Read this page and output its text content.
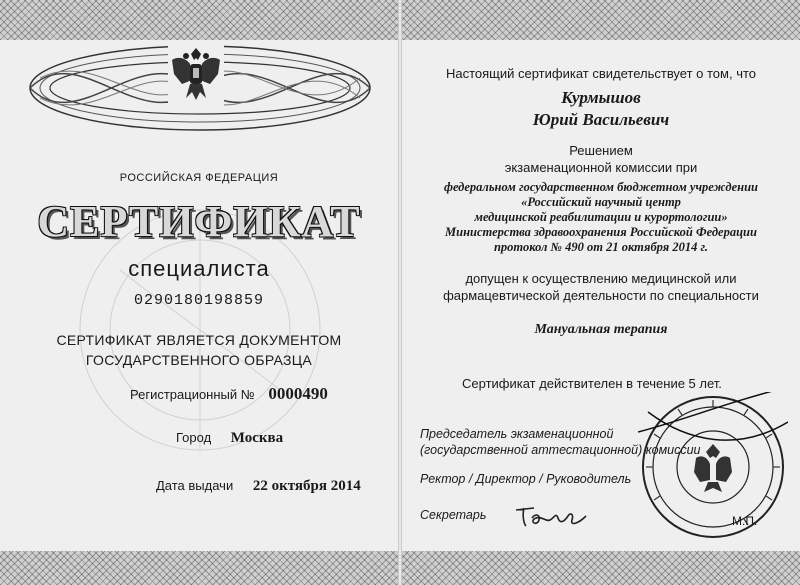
РОССИЙСКАЯ ФЕДЕРАЦИЯ
СЕРТИФИКАТ
специалиста
0290180198859
СЕРТИФИКАТ ЯВЛЯЕТСЯ ДОКУМЕНТОМ
ГОСУДАРСТВЕННОГО ОБРАЗЦА
Регистрационный № 0000490
Город Москва
Дата выдачи 22 октября 2014
Настоящий сертификат свидетельствует о том, что
Курмышов
Юрий Васильевич
Решением
экзаменационной комиссии при
федеральном государственном бюджетном учреждении
«Российский научный центр
медицинской реабилитации и курортологии»
Министерства здравоохранения Российской Федерации
протокол № 490 от 21 октября 2014 г.
допущен к осуществлению медицинской или
фармацевтической деятельности по специальности
Мануальная терапия
Сертификат действителен в течение 5 лет.
Председатель экзаменационной
(государственной аттестационной) комиссии
Ректор / Директор / Руководитель
Секретарь	М.П.
